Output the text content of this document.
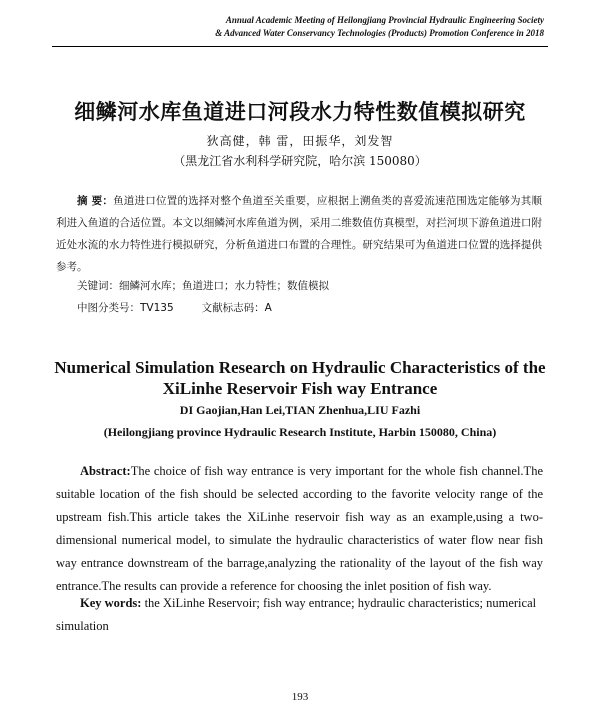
Annual Academic Meeting of Heilongjiang Provincial Hydraulic Engineering Society
& Advanced Water Conservancy Technologies (Products) Promotion Conference in 2018
细鳞河水库鱼道进口河段水力特性数值模拟研究
狄高健，韩 雷，田振华，刘发智
（黑龙江省水利科学研究院，哈尔滨 150080）
摘 要：鱼道进口位置的选择对整个鱼道至关重要，应根据上溯鱼类的喜爱流速范围选定能够为其顺利进入鱼道的合适位置。本文以细鳞河水库鱼道为例，采用二维数值仿真模型，对拦河坝下游鱼道进口附近处水流的水力特性进行模拟研究，分析鱼道进口布置的合理性。研究结果可为鱼道进口位置的选择提供参考。
关键词：细鳞河水库；鱼道进口；水力特性；数值模拟
中图分类号：TV135	文献标志码：A
Numerical Simulation Research on Hydraulic Characteristics of the
XiLinhe Reservoir Fish way Entrance
DI Gaojian,Han Lei,TIAN Zhenhua,LIU Fazhi
(Heilongjiang province Hydraulic Research Institute, Harbin 150080, China)
Abstract:The choice of fish way entrance is very important for the whole fish channel.The suitable location of the fish should be selected according to the favorite velocity range of the upstream fish.This article takes the XiLinhe reservoir fish way as an example,using a two-dimensional numerical model, to simulate the hydraulic characteristics of water flow near fish way entrance downstream of the barrage,analyzing the rationality of the layout of the fish way entrance.The results can provide a reference for choosing the inlet position of fish way.
Key words: the XiLinhe Reservoir; fish way entrance; hydraulic characteristics; numerical simulation
193
